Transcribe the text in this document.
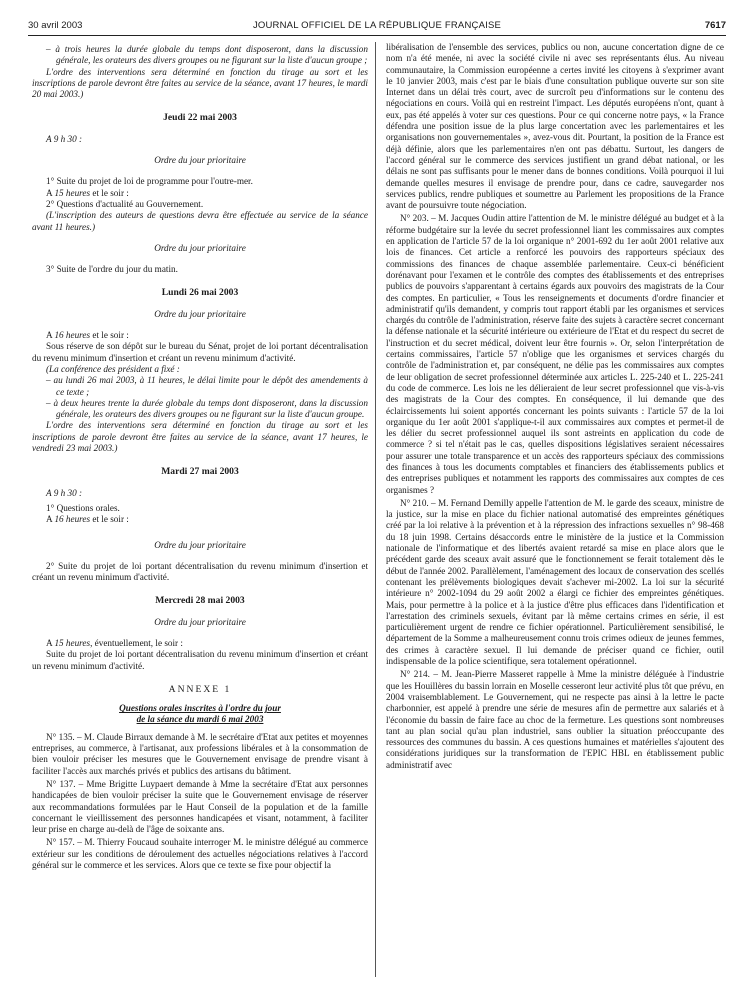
30 avril 2003	JOURNAL OFFICIEL DE LA RÉPUBLIQUE FRANÇAISE	7617

– à trois heures la durée globale du temps dont disposeront, dans la discussion générale, les orateurs des divers groupes ou ne figurant sur la liste d'aucun groupe ;

L'ordre des interventions sera déterminé en fonction du tirage au sort et les inscriptions de parole devront être faites au service de la séance, avant 17 heures, le mardi 20 mai 2003.)

Jeudi 22 mai 2003

A 9 h 30 :

Ordre du jour prioritaire

1° Suite du projet de loi de programme pour l'outre-mer.

A 15 heures et le soir :

2° Questions d'actualité au Gouvernement.

(L'inscription des auteurs de questions devra être effectuée au service de la séance avant 11 heures.)

Ordre du jour prioritaire

3° Suite de l'ordre du jour du matin.

Lundi 26 mai 2003

Ordre du jour prioritaire

A 16 heures et le soir :

Sous réserve de son dépôt sur le bureau du Sénat, projet de loi portant décentralisation du revenu minimum d'insertion et créant un revenu minimum d'activité.

(La conférence des président a fixé :

– au lundi 26 mai 2003, à 11 heures, le délai limite pour le dépôt des amendements à ce texte ;

– à deux heures trente la durée globale du temps dont disposeront, dans la discussion générale, les orateurs des divers groupes ou ne figurant sur la liste d'aucun groupe.

L'ordre des interventions sera déterminé en fonction du tirage au sort et les inscriptions de parole devront être faites au service de la séance, avant 17 heures, le vendredi 23 mai 2003.)

Mardi 27 mai 2003

A 9 h 30 :

1° Questions orales.

A 16 heures et le soir :

Ordre du jour prioritaire

2° Suite du projet de loi portant décentralisation du revenu minimum d'insertion et créant un revenu minimum d'activité.

Mercredi 28 mai 2003

Ordre du jour prioritaire

A 15 heures, éventuellement, le soir :

Suite du projet de loi portant décentralisation du revenu minimum d'insertion et créant un revenu minimum d'activité.

ANNEXE 1

Questions orales inscrites à l'ordre du jour
de la séance du mardi 6 mai 2003

N° 135. – M. Claude Birraux demande à M. le secrétaire d'Etat aux petites et moyennes entreprises, au commerce, à l'artisanat, aux professions libérales et à la consommation de bien vouloir préciser les mesures que le Gouvernement envisage de prendre visant à faciliter l'accès aux marchés privés et publics des artisans du bâtiment.

N° 137. – Mme Brigitte Luypaert demande à Mme la secrétaire d'Etat aux personnes handicapées de bien vouloir préciser la suite que le Gouvernement envisage de réserver aux recommandations formulées par le Haut Conseil de la population et de la famille concernant le vieillissement des personnes handicapées et visant, notamment, à faciliter leur prise en charge au-delà de l'âge de soixante ans.

N° 157. – M. Thierry Foucaud souhaite interroger M. le ministre délégué au commerce extérieur sur les conditions de déroulement des actuelles négociations relatives à l'accord général sur le commerce et les services. Alors que ce texte se fixe pour objectif la

libéralisation de l'ensemble des services, publics ou non, aucune concertation digne de ce nom n'a été menée, ni avec la société civile ni avec ses représentants élus. Au niveau communautaire, la Commission européenne a certes invité les citoyens à s'exprimer avant le 10 janvier 2003, mais c'est par le biais d'une consultation publique ouverte sur son site Internet dans un délai très court, avec de surcroît peu d'informations sur le contenu des négociations en cours. Voilà qui en restreint l'impact. Les députés européens n'ont, quant à eux, pas été appelés à voter sur ces questions. Pour ce qui concerne notre pays, « la France défendra une position issue de la plus large concertation avec les parlementaires et les organisations non gouvernementales », avez-vous dit. Pourtant, la position de la France est déjà définie, alors que les parlementaires n'en ont pas débattu. Surtout, les dangers de l'accord général sur le commerce des services justifient un grand débat national, or les délais ne sont pas suffisants pour le mener dans de bonnes conditions. Voilà pourquoi il lui demande quelles mesures il envisage de prendre pour, dans ce cadre, sauvegarder nos services publics, rendre publiques et soumettre au Parlement les propositions de la France avant de poursuivre toute négociation.

N° 203. – M. Jacques Oudin attire l'attention de M. le ministre délégué au budget et à la réforme budgétaire sur la levée du secret professionnel liant les commissaires aux comptes en application de l'article 57 de la loi organique n° 2001-692 du 1er août 2001 relative aux lois de finances. Cet article a renforcé les pouvoirs des rapporteurs spéciaux des commissions des finances de chaque assemblée parlementaire. Ceux-ci bénéficient dorénavant pour l'examen et le contrôle des comptes des établissements et des entreprises publics de pouvoirs s'apparentant à certains égards aux pouvoirs des magistrats de la Cour des comptes. En particulier, « Tous les renseignements et documents d'ordre financier et administratif qu'ils demandent, y compris tout rapport établi par les organismes et services chargés du contrôle de l'administration, réserve faite des sujets à caractère secret concernant la défense nationale et la sécurité intérieure ou extérieure de l'Etat et du respect du secret de l'instruction et du secret médical, doivent leur être fournis ». Or, selon l'interprétation de certains commissaires, l'article 57 n'oblige que les organismes et services chargés du contrôle de l'administration et, par conséquent, ne délie pas les commissaires aux comptes de leur obligation de secret professionnel déterminée aux articles L. 225-240 et L. 225-241 du code de commerce. Les lois ne les délieraient de leur secret professionnel que vis-à-vis des magistrats de la Cour des comptes. En conséquence, il lui demande que des éclaircissements lui soient apportés concernant les points suivants : l'article 57 de la loi organique du 1er août 2001 s'applique-t-il aux commissaires aux comptes et permet-il de les délier du secret professionnel auquel ils sont astreints en application du code de commerce ? si tel n'était pas le cas, quelles dispositions législatives seraient nécessaires pour assurer une totale transparence et un accès des rapporteurs spéciaux des commissions des finances à tous les documents comptables et financiers des établissements publics et des entreprises publiques et notamment les rapports des commissaires aux comptes de ces organismes ?

N° 210. – M. Fernand Demilly appelle l'attention de M. le garde des sceaux, ministre de la justice, sur la mise en place du fichier national automatisé des empreintes génétiques créé par la loi relative à la prévention et à la répression des infractions sexuelles n° 98-468 du 18 juin 1998. Certains désaccords entre le ministère de la justice et la Commission nationale de l'informatique et des libertés avaient retardé sa mise en place alors que le précédent garde des sceaux avait assuré que le fonctionnement se ferait totalement dès le début de l'année 2002. Parallèlement, l'aménagement des locaux de conservation des scellés contenant les prélèvements biologiques devait s'achever mi-2002. La loi sur la sécurité intérieure n° 2002-1094 du 29 août 2002 a élargi ce fichier des empreintes génétiques. Mais, pour permettre à la police et à la justice d'être plus efficaces dans l'identification et l'arrestation des criminels sexuels, évitant par là même certains crimes en série, il est particulièrement urgent de rendre ce fichier opérationnel. Particulièrement sensibilisé, le département de la Somme a malheureusement connu trois crimes odieux de jeunes femmes, des crimes à caractère sexuel. Il lui demande de préciser quand ce fichier, outil indispensable de la police scientifique, sera totalement opérationnel.

N° 214. – M. Jean-Pierre Masseret rappelle à Mme la ministre déléguée à l'industrie que les Houillères du bassin lorrain en Moselle cesseront leur activité plus tôt que prévu, en 2004 vraisemblablement. Le Gouvernement, qui ne respecte pas ainsi à la lettre le pacte charbonnier, est appelé à prendre une série de mesures afin de permettre aux salariés et à l'économie du bassin de faire face au choc de la fermeture. Les questions sont nombreuses tant au plan social qu'au plan industriel, sans oublier la situation préoccupante des ressources des communes du bassin. A ces questions humaines et matérielles s'ajoutent des considérations juridiques sur la transformation de l'EPIC HBL en établissement public administratif avec
